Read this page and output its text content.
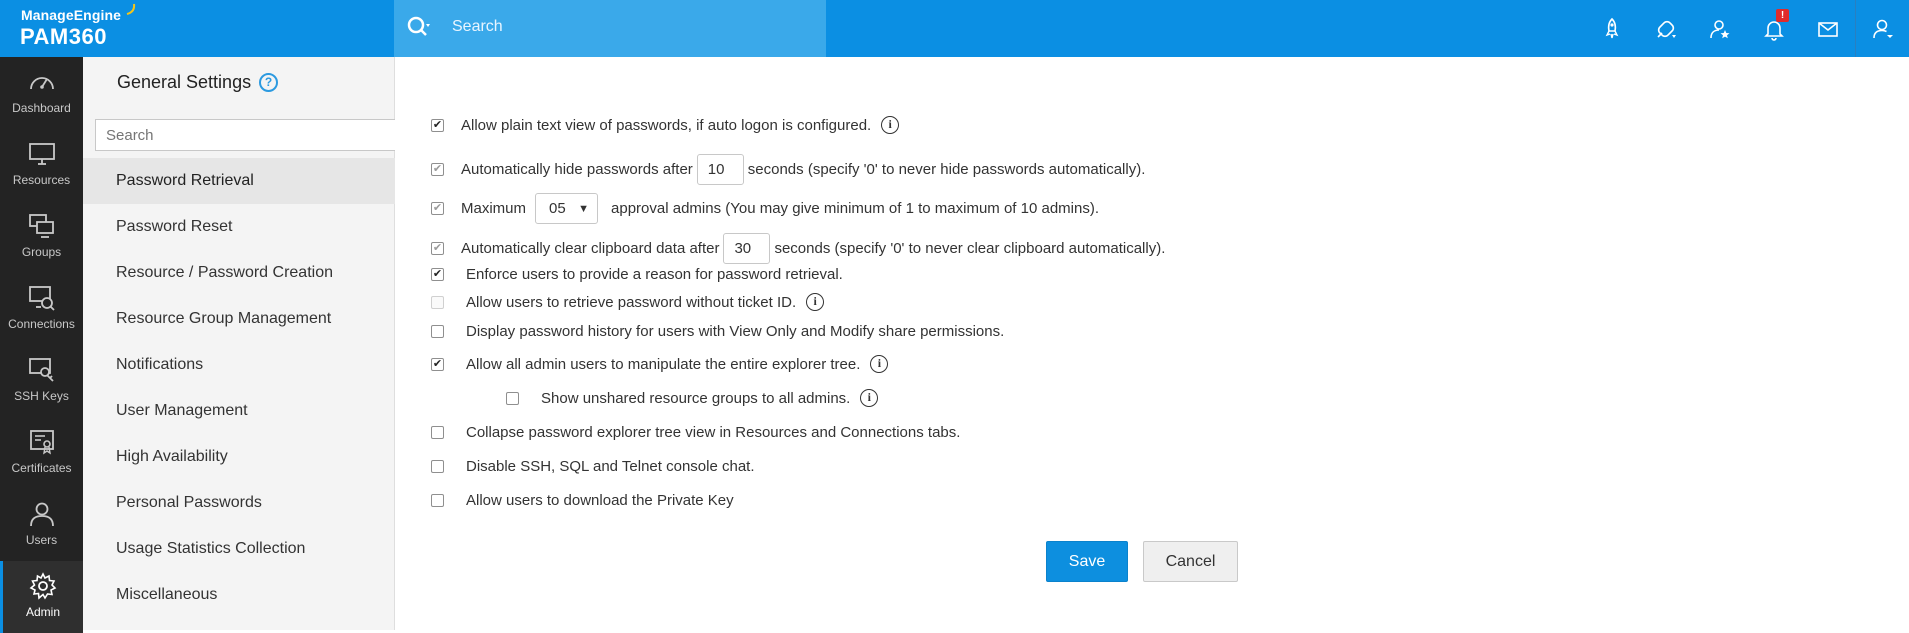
ManageEngine
PAM360	Search
!
Dashboard
Resources
Groups
Connections
SSH Keys
Certificates
Users
Admin
General Settings	?
Search
Password Retrieval
Password Reset
Resource / Password Creation
Resource Group Management
Notifications
User Management
High Availability
Personal Passwords
Usage Statistics Collection
Miscellaneous
✔
Allow plain text view of passwords, if auto logon is configured.	i
✔
Automatically hide passwords after	10	seconds (specify '0' to never hide passwords automatically).
✔
Maximum 05 ▼ approval admins (You may give minimum of 1 to maximum of 10 admins).
✔
Automatically clear clipboard data after	30	seconds (specify '0' to never clear clipboard automatically).
✔
Enforce users to provide a reason for password retrieval.
Allow users to retrieve password without ticket ID.	i
Display password history for users with View Only and Modify share permissions.
✔
Allow all admin users to manipulate the entire explorer tree.	i
Show unshared resource groups to all admins.	i
Collapse password explorer tree view in Resources and Connections tabs.
Disable SSH, SQL and Telnet console chat.
Allow users to download the Private Key
Save	Cancel
